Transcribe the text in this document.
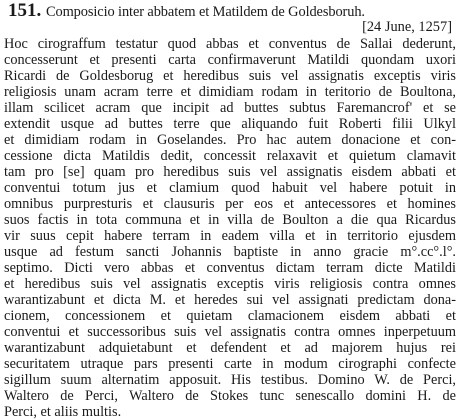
151. Composicio inter abbatem et Matildem de Goldesboruh.
[24 June, 1257]
Hoc cirograffum testatur quod abbas et conventus de Sallai dederunt,
concesserunt et presenti carta confirmaverunt Matildi quondam uxori
Ricardi de Goldesborug et heredibus suis vel assignatis exceptis viris
religiosis unam acram terre et dimidiam rodam in teritorio de Boultona,
illam scilicet acram que incipit ad buttes subtus Faremancrof' et se
extendit usque ad buttes terre que aliquando fuit Roberti filii Ulkyl
et dimidiam rodam in Goselandes. Pro hac autem donacione et con-
cessione dicta Matildis dedit, concessit relaxavit et quietum clamavit
tam pro [se] quam pro heredibus suis vel assignatis eisdem abbati et
conventui totum jus et clamium quod habuit vel habere potuit in
omnibus purpresturis et clausuris per eos et antecessores et homines
suos factis in tota communa et in villa de Boulton a die qua Ricardus
vir suus cepit habere terram in eadem villa et in territorio ejusdem
usque ad festum sancti Johannis baptiste in anno gracie m°.cc°.l°.
septimo. Dicti vero abbas et conventus dictam terram dicte Matildi
et heredibus suis vel assignatis exceptis viris religiosis contra omnes
warantizabunt et dicta M. et heredes sui vel assignati predictam dona-
cionem, concessionem et quietam clamacionem eisdem abbati et
conventui et successoribus suis vel assignatis contra omnes inperpetuum
warantizabunt adquietabunt et defendent et ad majorem hujus rei
securitatem utraque pars presenti carte in modum cirographi confecte
sigillum suum alternatim apposuit. His testibus. Domino W. de Perci,
Waltero de Perci, Waltero de Stokes tunc senescallo domini H. de
Perci, et aliis multis.
